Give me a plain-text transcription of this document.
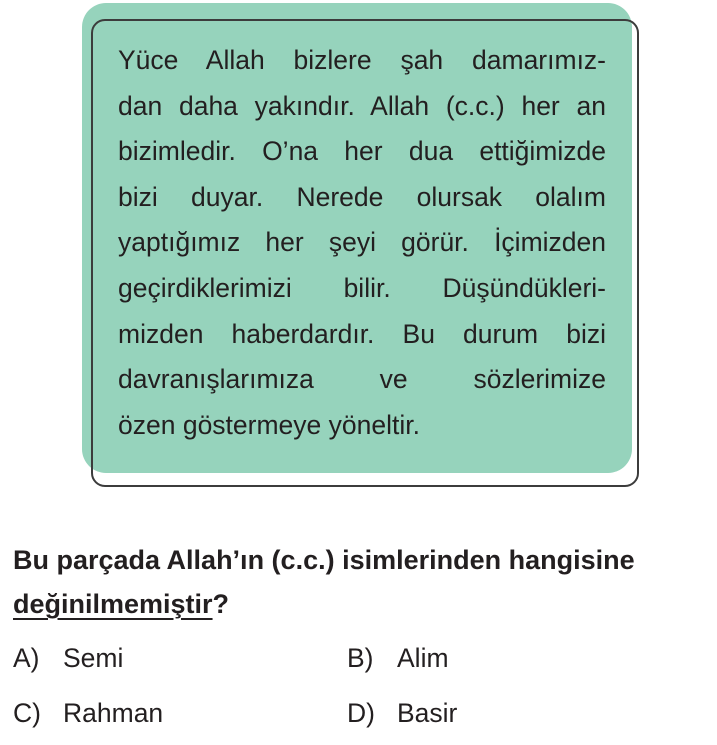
Yüce Allah bizlere şah damarımız-
dan daha yakındır. Allah (c.c.) her an
bizimledir. O’na her dua ettiğimizde
bizi duyar. Nerede olursak olalım
yaptığımız her şeyi görür. İçimizden
geçirdiklerimizi bilir. Düşündükleri-
mizden haberdardır. Bu durum bizi
davranışlarımıza ve sözlerimize
özen göstermeye yöneltir.

Bu parçada Allah’ın (c.c.) isimlerinden hangisine
değinilmemiştir?

A) Semi	B) Alim
C) Rahman	D) Basir
